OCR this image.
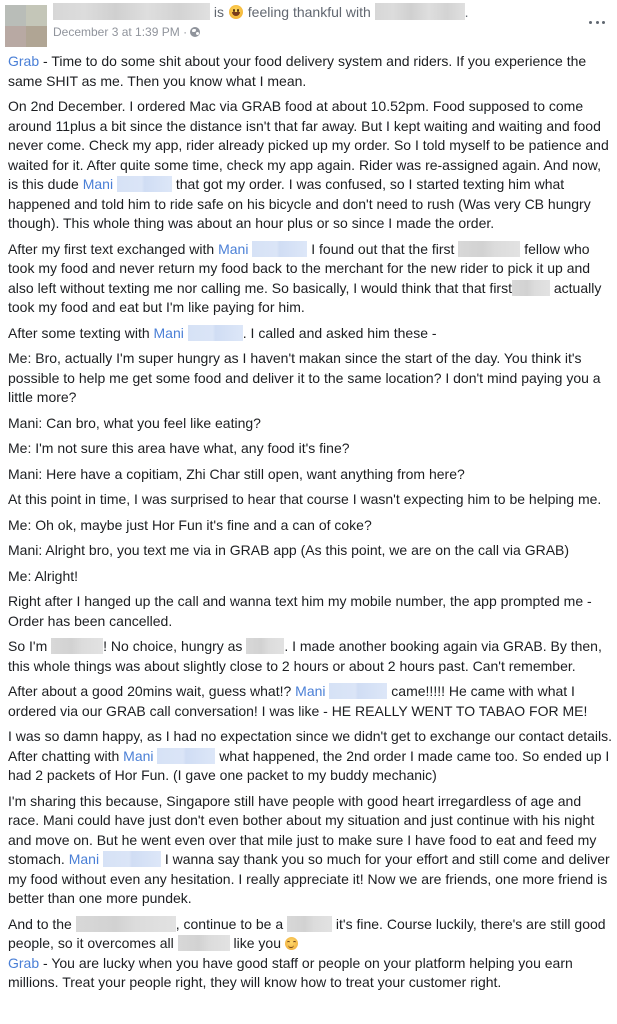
is feeling thankful with	.
December 3 at 1:39 PM ·

Grab - Time to do some shit about your food delivery system and riders. If you experience the same SHIT as me. Then you know what I mean.

On 2nd December. I ordered Mac via GRAB food at about 10.52pm. Food supposed to come around 11plus a bit since the distance isn't that far away. But I kept waiting and waiting and food never come. Check my app, rider already picked up my order. So I told myself to be patience and waited for it. After quite some time, check my app again. Rider was re-assigned again. And now, is this dude Mani	that got my order. I was confused, so I started texting him what happened and told him to ride safe on his bicycle and don't need to rush (Was very CB hungry though). This whole thing was about an hour plus or so since I made the order.

After my first text exchanged with Mani	I found out that the first	fellow who took my food and never return my food back to the merchant for the new rider to pick it up and also left without texting me nor calling me. So basically, I would think that that first	actually took my food and eat but I'm like paying for him.

After some texting with Mani	. I called and asked him these -

Me: Bro, actually I'm super hungry as I haven't makan since the start of the day. You think it's possible to help me get some food and deliver it to the same location? I don't mind paying you a little more?

Mani: Can bro, what you feel like eating?

Me: I'm not sure this area have what, any food it's fine?

Mani: Here have a copitiam, Zhi Char still open, want anything from here?

At this point in time, I was surprised to hear that course I wasn't expecting him to be helping me.

Me: Oh ok, maybe just Hor Fun it's fine and a can of coke?

Mani: Alright bro, you text me via in GRAB app (As this point, we are on the call via GRAB)

Me: Alright!

Right after I hanged up the call and wanna text him my mobile number, the app prompted me - Order has been cancelled.

So I'm	! No choice, hungry as	. I made another booking again via GRAB. By then, this whole things was about slightly close to 2 hours or about 2 hours past. Can't remember.

After about a good 20mins wait, guess what!? Mani	came!!!!! He came with what I ordered via our GRAB call conversation! I was like - HE REALLY WENT TO TABAO FOR ME!

I was so damn happy, as I had no expectation since we didn't get to exchange our contact details. After chatting with Mani	what happened, the 2nd order I made came too. So ended up I had 2 packets of Hor Fun. (I gave one packet to my buddy mechanic)

I'm sharing this because, Singapore still have people with good heart irregardless of age and race. Mani could have just don't even bother about my situation and just continue with his night and move on. But he went even over that mile just to make sure I have food to eat and feed my stomach. Mani	I wanna say thank you so much for your effort and still come and deliver my food without even any hesitation. I really appreciate it! Now we are friends, one more friend is better than one more pundek.

And to the	, continue to be a	it's fine. Course luckily, there's are still good people, so it overcomes all	like you

Grab - You are lucky when you have good staff or people on your platform helping you earn millions. Treat your people right, they will know how to treat your customer right.
